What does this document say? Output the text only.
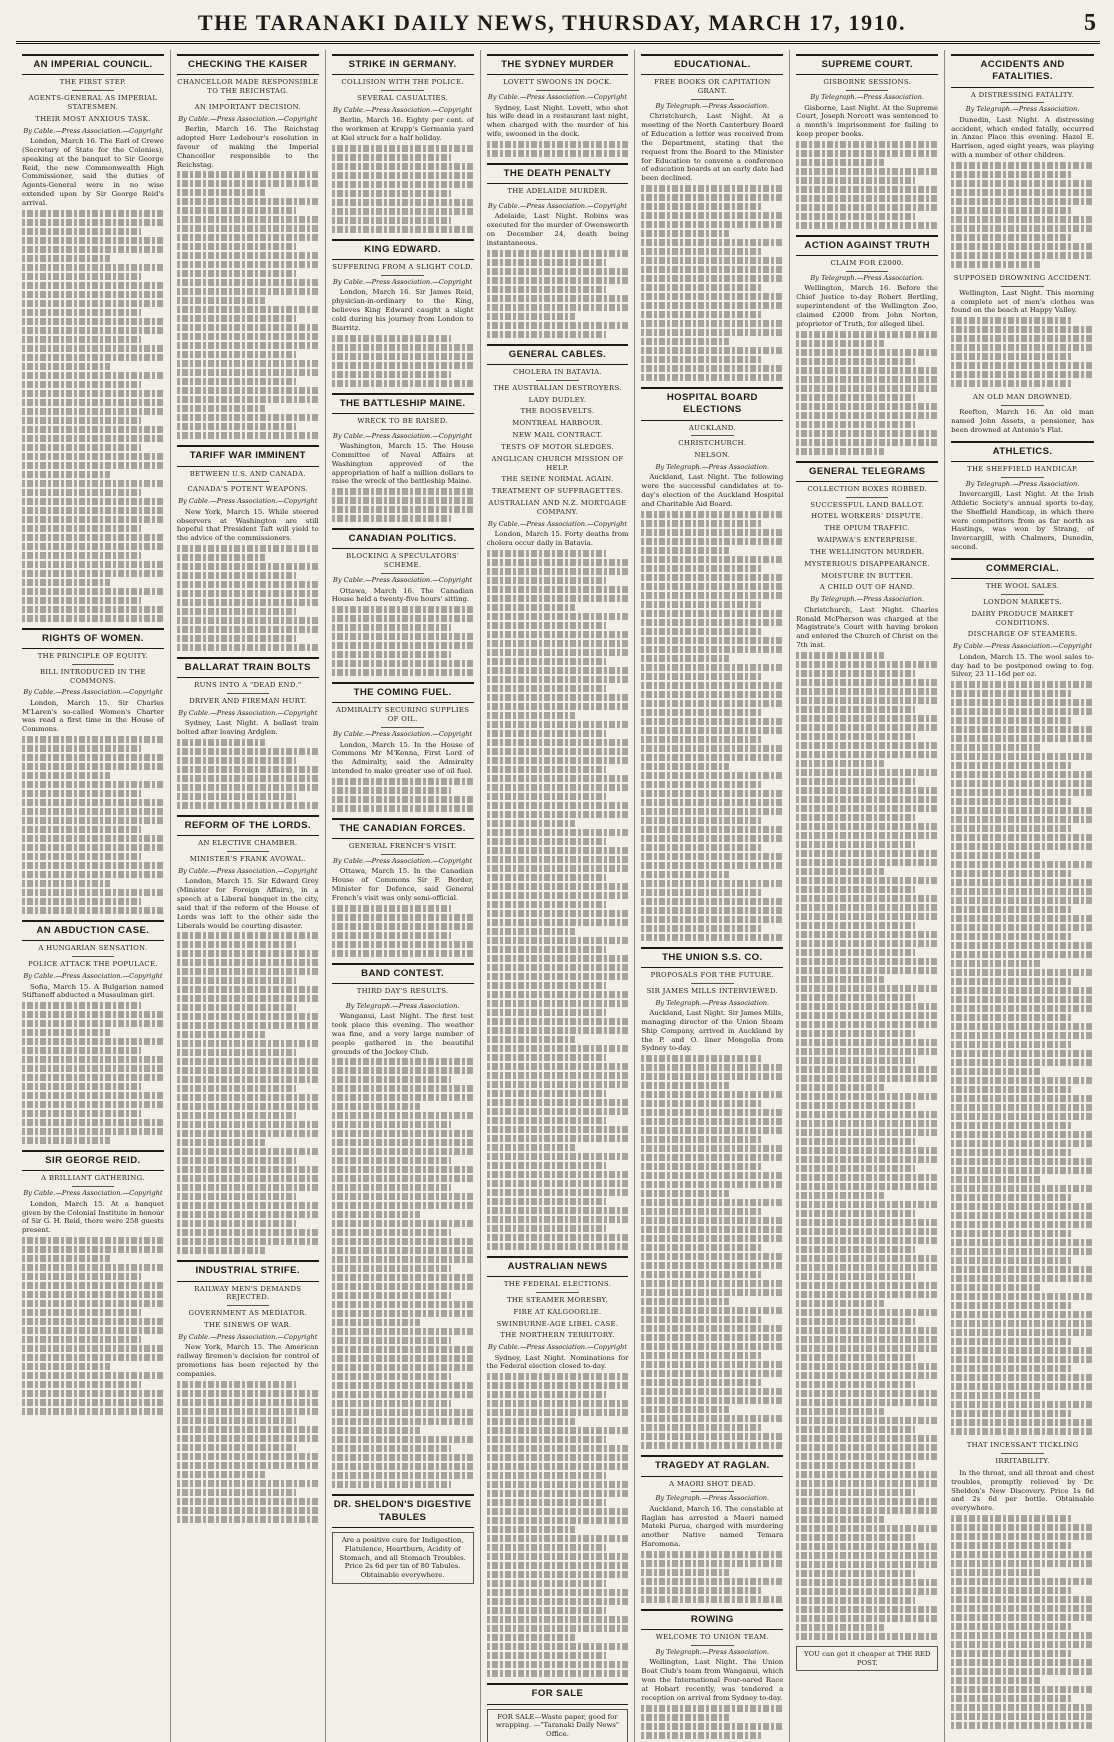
THE TARANAKI DAILY NEWS, THURSDAY, MARCH 17, 1910.	5
AN IMPERIAL COUNCIL.
THE FIRST STEP.
AGENTS-GENERAL AS IMPERIAL STATESMEN.
THEIR MOST ANXIOUS TASK.
By Cable.—Press Association.—Copyright
London, March 16. The Earl of Crewe (Secretary of State for the Colonies), speaking at the banquet to Sir George Reid, the new Commonwealth High Commissioner, said the duties of Agents-General were in no wise extended upon by Sir George Reid's arrival.
RIGHTS OF WOMEN.
THE PRINCIPLE OF EQUITY.
BILL INTRODUCED IN THE COMMONS.
By Cable.—Press Association.—Copyright
London, March 15. Sir Charles M'Laren's so-called Women's Charter was read a first time in the House of Commons.
AN ABDUCTION CASE.
A HUNGARIAN SENSATION.
POLICE ATTACK THE POPULACE.
By Cable.—Press Association.—Copyright
Sofia, March 15. A Bulgarian named Stiftanoff abducted a Mussulman girl.
SIR GEORGE REID.
A BRILLIANT GATHERING.
By Cable.—Press Association.—Copyright
London, March 15. At a banquet given by the Colonial Institute in honour of Sir G. H. Reid, there were 258 guests present.
CHECKING THE KAISER
CHANCELLOR MADE RESPONSIBLE TO THE REICHSTAG.
AN IMPORTANT DECISION.
By Cable.—Press Association.—Copyright
Berlin, March 16. The Reichstag adopted Herr Ledebour's resolution in favour of making the Imperial Chancellor responsible to the Reichstag.
TARIFF WAR IMMINENT
BETWEEN U.S. AND CANADA.
CANADA'S POTENT WEAPONS.
By Cable.—Press Association.—Copyright
New York, March 15. While steered observers at Washington are still hopeful that President Taft will yield to the advice of the commissioners.
BALLARAT TRAIN BOLTS
RUNS INTO A "DEAD END."
DRIVER AND FIREMAN HURT.
By Cable.—Press Association.—Copyright
Sydney, Last Night. A ballast train bolted after leaving Ardglen.
REFORM OF THE LORDS.
AN ELECTIVE CHAMBER.
MINISTER'S FRANK AVOWAL.
By Cable.—Press Association.—Copyright
London, March 15. Sir Edward Grey (Minister for Foreign Affairs), in a speech at a Liberal banquet in the city, said that if the reform of the House of Lords was left to the other side the Liberals would be courting disaster.
INDUSTRIAL STRIFE.
RAILWAY MEN'S DEMANDS REJECTED.
GOVERNMENT AS MEDIATOR.
THE SINEWS OF WAR.
By Cable.—Press Association.—Copyright
New York, March 15. The American railway firemen's decision for control of promotions has been rejected by the companies.
STRIKE IN GERMANY.
COLLISION WITH THE POLICE.
SEVERAL CASUALTIES.
By Cable.—Press Association.—Copyright
Berlin, March 16. Eighty per cent. of the workmen at Krupp's Germania yard at Kiel struck for a half holiday.
KING EDWARD.
SUFFERING FROM A SLIGHT COLD.
By Cable.—Press Association.—Copyright
London, March 16. Sir James Reid, physician-in-ordinary to the King, believes King Edward caught a slight cold during his journey from London to Biarritz.
THE BATTLESHIP MAINE.
WRECK TO BE RAISED.
By Cable.—Press Association.—Copyright
Washington, March 15. The House Committee of Naval Affairs at Washington approved of the appropriation of half a million dollars to raise the wreck of the battleship Maine.
CANADIAN POLITICS.
BLOCKING A SPECULATORS' SCHEME.
By Cable.—Press Association.—Copyright
Ottawa, March 16. The Canadian House held a twenty-five hours' sitting.
THE COMING FUEL.
ADMIRALTY SECURING SUPPLIES OF OIL.
By Cable.—Press Association.—Copyright
London, March 15. In the House of Commons Mr M'Kenna, First Lord of the Admiralty, said the Admiralty intended to make greater use of oil fuel.
THE CANADIAN FORCES.
GENERAL FRENCH'S VISIT.
By Cable.—Press Association.—Copyright
Ottawa, March 15. In the Canadian House of Commons Sir F. Border, Minister for Defence, said General French's visit was only semi-official.
BAND CONTEST.
THIRD DAY'S RESULTS.
By Telegraph.—Press Association.
Wanganui, Last Night. The first test took place this evening. The weather was fine, and a very large number of people gathered in the beautiful grounds of the Jockey Club.
DR. SHELDON'S DIGESTIVE TABULES
Are a positive cure for Indigestion, Flatulence, Heartburn, Acidity of Stomach, and all Stomach Troubles. Price 2s 6d per tin of 80 Tabules. Obtainable everywhere.
THE SYDNEY MURDER
LOVETT SWOONS IN DOCK.
By Cable.—Press Association.—Copyright
Sydney, Last Night. Lovett, who shot his wife dead in a restaurant last night, when charged with the murder of his wife, swooned in the dock.
THE DEATH PENALTY
THE ADELAIDE MURDER.
By Cable.—Press Association.—Copyright
Adelaide, Last Night. Robins was executed for the murder of Owensworth on December 24, death being instantaneous.
GENERAL CABLES.
CHOLERA IN BATAVIA.
THE AUSTRALIAN DESTROYERS.
LADY DUDLEY.
THE ROOSEVELTS.
MONTREAL HARBOUR.
NEW MAIL CONTRACT.
TESTS OF MOTOR SLEDGES.
ANGLICAN CHURCH MISSION OF HELP.
THE SEINE NORMAL AGAIN.
TREATMENT OF SUFFRAGETTES.
AUSTRALIAN AND N.Z. MORTGAGE COMPANY.
By Cable.—Press Association.—Copyright
London, March 15. Forty deaths from cholera occur daily in Batavia.
AUSTRALIAN NEWS
THE FEDERAL ELECTIONS.
THE STEAMER MORESBY.
FIRE AT KALGOORLIE.
SWINBURNE-AGE LIBEL CASE.
THE NORTHERN TERRITORY.
By Cable.—Press Association.—Copyright
Sydney, Last Night. Nominations for the Federal election closed to-day.
FOR SALE
FOR SALE—Waste paper, good for wrapping. —"Taranaki Daily News" Office.
EDUCATIONAL.
FREE BOOKS OR CAPITATION GRANT.
By Telegraph.—Press Association.
Christchurch, Last Night. At a meeting of the North Canterbury Board of Education a letter was received from the Department, stating that the request from the Board to the Minister for Education to convene a conference of education boards at an early date had been declined.
HOSPITAL BOARD ELECTIONS
AUCKLAND.
CHRISTCHURCH.
NELSON.
By Telegraph.—Press Association.
Auckland, Last Night. The following were the successful candidates at to-day's election of the Auckland Hospital and Charitable Aid Board.
THE UNION S.S. CO.
PROPOSALS FOR THE FUTURE.
SIR JAMES MILLS INTERVIEWED.
By Telegraph.—Press Association.
Auckland, Last Night. Sir James Mills, managing director of the Union Steam Ship Company, arrived in Auckland by the P. and O. liner Mongolia from Sydney to-day.
TRAGEDY AT RAGLAN.
A MAORI SHOT DEAD.
By Telegraph.—Press Association.
Auckland, March 16. The constable at Raglan has arrested a Maori named Mateki Purua, charged with murdering another Native named Temara Haromona.
ROWING
WELCOME TO UNION TEAM.
By Telegraph.—Press Association.
Wellington, Last Night. The Union Boat Club's team from Wanganui, which won the International Four-oared Race at Hobart recently, was tendered a reception on arrival from Sydney to-day.
SUPREME COURT.
GISBORNE SESSIONS.
By Telegraph.—Press Association.
Gisborne, Last Night. At the Supreme Court, Joseph Norcott was sentenced to a month's imprisonment for failing to keep proper books.
ACTION AGAINST TRUTH
CLAIM FOR £2000.
By Telegraph.—Press Association.
Wellington, March 16. Before the Chief Justice to-day Robert Bertling, superintendent of the Wellington Zoo, claimed £2000 from John Norton, proprietor of Truth, for alleged libel.
GENERAL TELEGRAMS
COLLECTION BOXES ROBBED.
SUCCESSFUL LAND BALLOT.
HOTEL WORKERS' DISPUTE.
THE OPIUM TRAFFIC.
WAIPAWA'S ENTERPRISE.
THE WELLINGTON MURDER.
MYSTERIOUS DISAPPEARANCE.
MOISTURE IN BUTTER.
A CHILD OUT OF HAND.
By Telegraph.—Press Association.
Christchurch, Last Night. Charles Ronald McPherson was charged at the Magistrate's Court with having broken and entered the Church of Christ on the 7th inst.
YOU can get it cheaper at THE RED POST.
ACCIDENTS AND FATALITIES.
A DISTRESSING FATALITY.
By Telegraph.—Press Association.
Dunedin, Last Night. A distressing accident, which ended fatally, occurred in Anzac Place this evening. Hazel E. Harrison, aged eight years, was playing with a number of other children.
SUPPOSED DROWNING ACCIDENT.
Wellington, Last Night. This morning a complete set of men's clothes was found on the beach at Happy Valley.
AN OLD MAN DROWNED.
Reefton, March 16. An old man named John Assets, a pensioner, has been drowned at Antonio's Flat.
ATHLETICS.
THE SHEFFIELD HANDICAP.
By Telegraph.—Press Association.
Invercargill, Last Night. At the Irish Athletic Society's annual sports to-day, the Sheffield Handicap, in which there were competitors from as far north as Hastings, was won by Strang, of Invercargill, with Chalmers, Dunedin, second.
COMMERCIAL.
THE WOOL SALES.
LONDON MARKETS.
DAIRY PRODUCE MARKET CONDITIONS.
DISCHARGE OF STEAMERS.
By Cable.—Press Association.—Copyright
London, March 15. The wool sales to-day had to be postponed owing to fog. Silver, 23 11-16d per oz.
THAT INCESSANT TICKLING
IRRITABILITY.
In the throat, and all throat and chest troubles, promptly relieved by Dr. Sheldon's New Discovery. Price 1s 6d and 2s 6d per bottle. Obtainable everywhere.
